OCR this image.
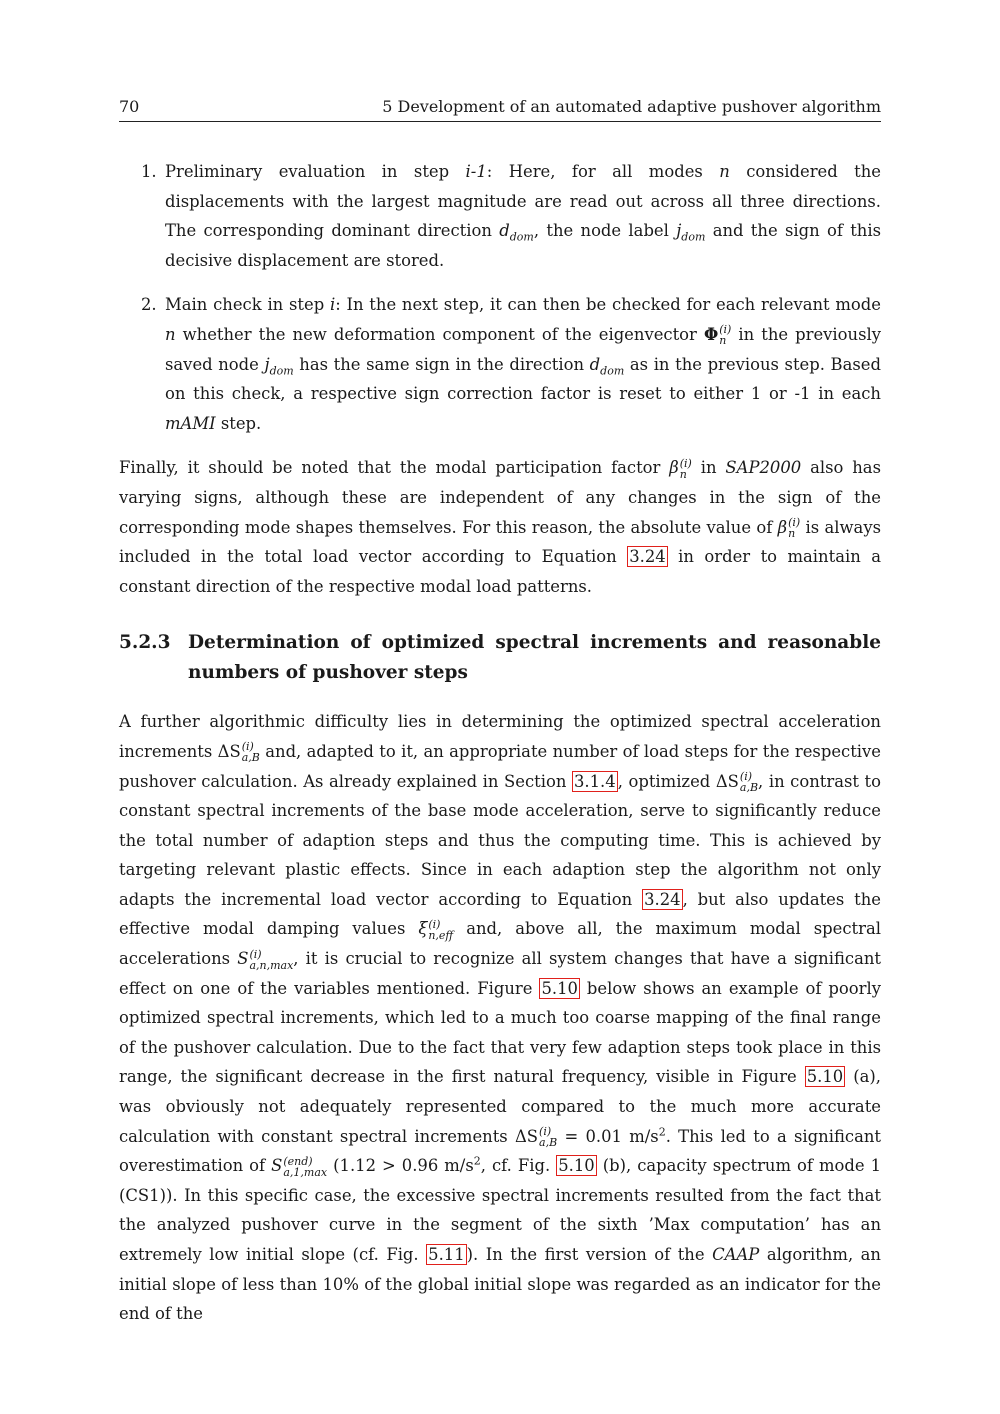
70	5 Development of an automated adaptive pushover algorithm
1. Preliminary evaluation in step i-1: Here, for all modes n considered the displacements with the largest magnitude are read out across all three directions. The corresponding dominant direction $d_{dom}$, the node label $j_{dom}$ and the sign of this decisive displacement are stored.
2. Main check in step i: In the next step, it can then be checked for each relevant mode n whether the new deformation component of the eigenvector Φ (i)
n in the previously saved node $j_{dom}$ has the same sign in the direction $d_{dom}$ as in the previous step. Based on this check, a respective sign correction factor is reset to either 1 or -1 in each mAMI step.

Finally, it should be noted that the modal participation factor β (i)
n in SAP2000 also has varying signs, although these are independent of any changes in the sign of the corresponding mode shapes themselves. For this reason, the absolute value of β (i)
n is always included in the total load vector according to Equation 3.24 in order to maintain a constant direction of the respective modal load patterns.

5.2.3 Determination of optimized spectral increments and reasonable numbers of pushover steps

A further algorithmic difficulty lies in determining the optimized spectral acceleration increments ΔS (i)
a,B and, adapted to it, an appropriate number of load steps for the respective pushover calculation. As already explained in Section 3.1.4 , optimized ΔS (i)
a,B , in contrast to constant spectral increments of the base mode acceleration, serve to significantly reduce the total number of adaption steps and thus the computing time. This is achieved by targeting relevant plastic effects. Since in each adaption step the algorithm not only adapts the incremental load vector according to Equation 3.24 , but also updates the effective modal damping values ξ (i)
n,eff and, above all, the maximum modal spectral accelerations S (i)
a,n,max , it is crucial to recognize all system changes that have a significant effect on one of the variables mentioned. Figure 5.10 below shows an example of poorly optimized spectral increments, which led to a much too coarse mapping of the final range of the pushover calculation. Due to the fact that very few adaption steps took place in this range, the significant decrease in the first natural frequency, visible in Figure 5.10 (a), was obviously not adequately represented compared to the much more accurate calculation with constant spectral increments ΔS (i)
a,B = 0.01 $m/s^2$. This led to a significant overestimation of S (end)
a,1,max (1.12 > 0.96 $m/s^2$, cf. Fig. 5.10 (b), capacity spectrum of mode 1 (CS1)). In this specific case, the excessive spectral increments resulted from the fact that the analyzed pushover curve in the segment of the sixth ’Max computation’ has an extremely low initial slope (cf. Fig. 5.11 ). In the first version of the CAAP algorithm, an initial slope of less than 10% of the global initial slope was regarded as an indicator for the end of the
